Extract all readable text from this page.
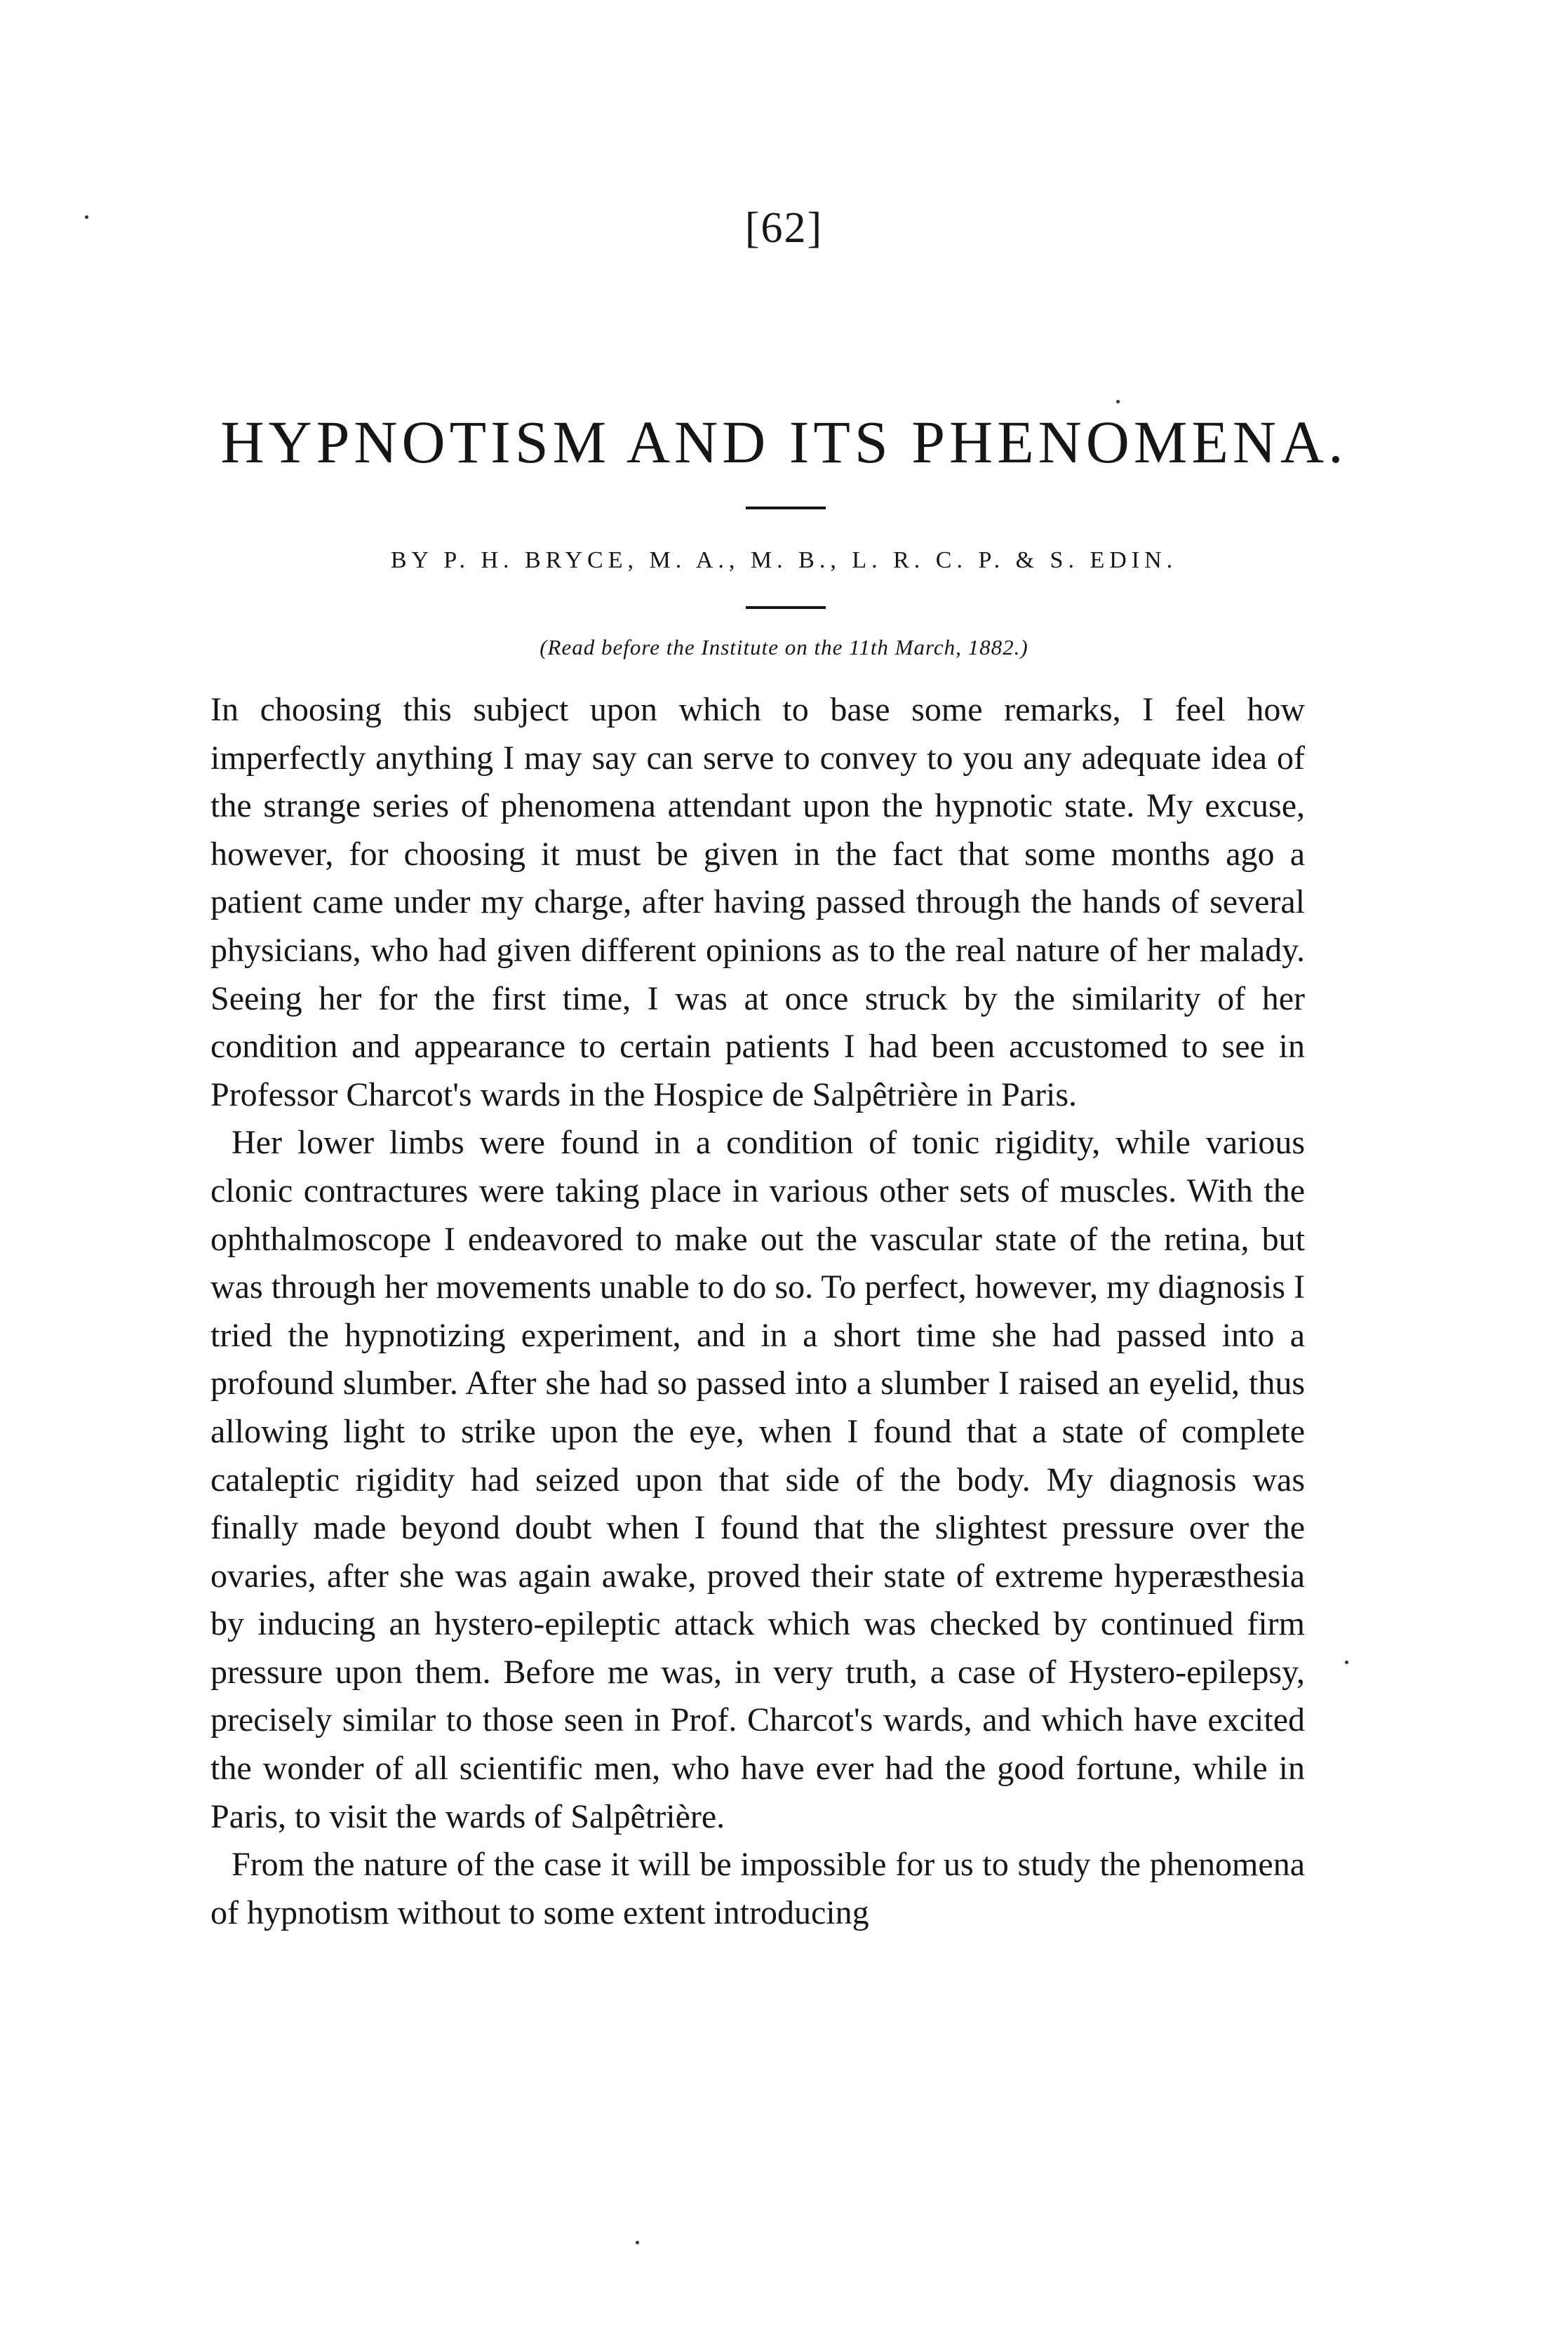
[62]
HYPNOTISM AND ITS PHENOMENA.
BY P. H. BRYCE, M. A., M. B., L. R. C. P. & S. EDIN.
(Read before the Institute on the 11th March, 1882.)

In choosing this subject upon which to base some remarks, I feel how imperfectly anything I may say can serve to convey to you any adequate idea of the strange series of phenomena attendant upon the hypnotic state. My excuse, however, for choosing it must be given in the fact that some months ago a patient came under my charge, after having passed through the hands of several physicians, who had given different opinions as to the real nature of her malady. Seeing her for the first time, I was at once struck by the similarity of her condition and appearance to certain patients I had been accustomed to see in Professor Charcot's wards in the Hospice de Salpêtrière in Paris.

Her lower limbs were found in a condition of tonic rigidity, while various clonic contractures were taking place in various other sets of muscles. With the ophthalmoscope I endeavored to make out the vascular state of the retina, but was through her movements unable to do so. To perfect, however, my diagnosis I tried the hypnotizing experiment, and in a short time she had passed into a profound slumber. After she had so passed into a slumber I raised an eyelid, thus allowing light to strike upon the eye, when I found that a state of complete cataleptic rigidity had seized upon that side of the body. My diagnosis was finally made beyond doubt when I found that the slightest pressure over the ovaries, after she was again awake, proved their state of extreme hyperæsthesia by inducing an hystero-epileptic attack which was checked by continued firm pressure upon them. Before me was, in very truth, a case of Hystero-epilepsy, precisely similar to those seen in Prof. Charcot's wards, and which have excited the wonder of all scientific men, who have ever had the good fortune, while in Paris, to visit the wards of Salpêtrière.

From the nature of the case it will be impossible for us to study the phenomena of hypnotism without to some extent introducing
